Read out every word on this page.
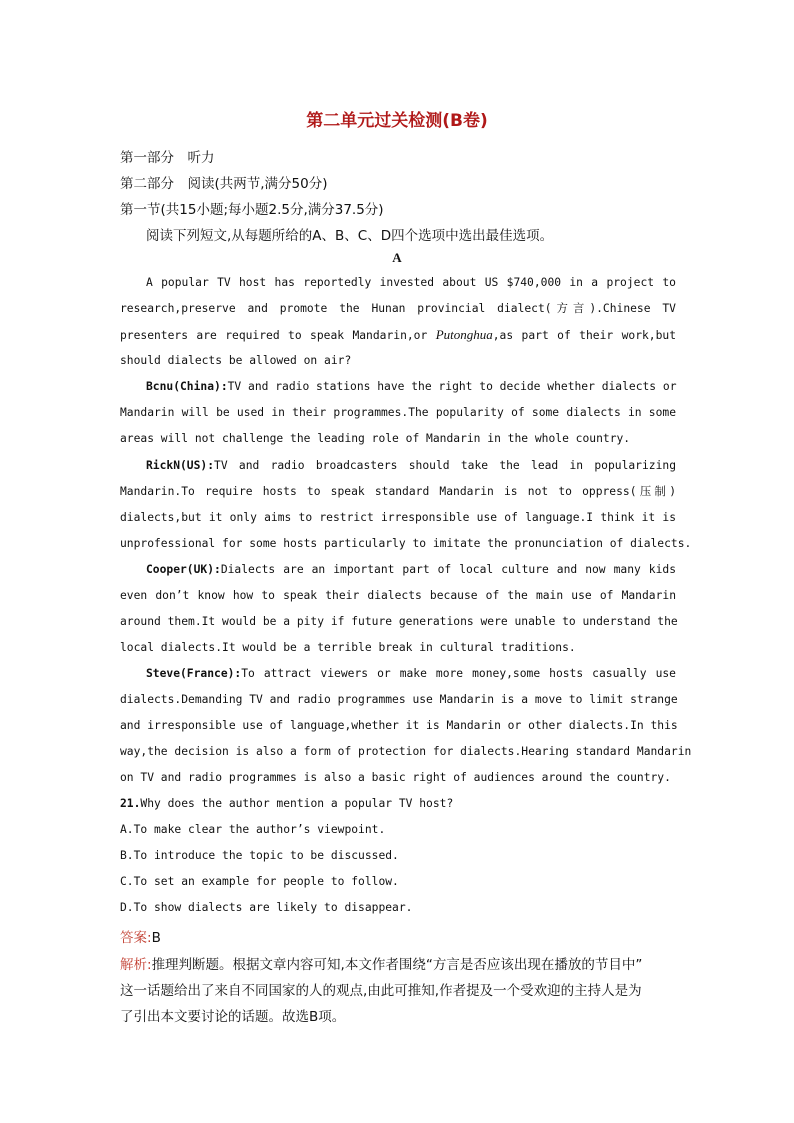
第二单元过关检测(B卷)
第一部分　听力
第二部分　阅读(共两节,满分50分)
第一节(共15小题;每小题2.5分,满分37.5分)
阅读下列短文,从每题所给的A、B、C、D四个选项中选出最佳选项。
A
A popular TV host has reportedly invested about US $740,000 in a project to
research,preserve and promote the Hunan provincial dialect(方言).Chinese TV
presenters are required to speak Mandarin,or Putonghua,as part of their work,but
should dialects be allowed on air?
Bcnu(China):TV and radio stations have the right to decide whether dialects or
Mandarin will be used in their programmes.The popularity of some dialects in some
areas will not challenge the leading role of Mandarin in the whole country.
RickN(US):TV and radio broadcasters should take the lead in popularizing
Mandarin.To require hosts to speak standard Mandarin is not to oppress(压制)
dialects,but it only aims to restrict irresponsible use of language.I think it is
unprofessional for some hosts particularly to imitate the pronunciation of dialects.
Cooper(UK):Dialects are an important part of local culture and now many kids
even don’t know how to speak their dialects because of the main use of Mandarin
around them.It would be a pity if future generations were unable to understand the
local dialects.It would be a terrible break in cultural traditions.
Steve(France):To attract viewers or make more money,some hosts casually use
dialects.Demanding TV and radio programmes use Mandarin is a move to limit strange
and irresponsible use of language,whether it is Mandarin or other dialects.In this
way,the decision is also a form of protection for dialects.Hearing standard Mandarin
on TV and radio programmes is also a basic right of audiences around the country.
21.Why does the author mention a popular TV host?
A.To make clear the author’s viewpoint.
B.To introduce the topic to be discussed.
C.To set an example for people to follow.
D.To show dialects are likely to disappear.
答案:B
解析:推理判断题。根据文章内容可知,本文作者围绕“方言是否应该出现在播放的节目中”
这一话题给出了来自不同国家的人的观点,由此可推知,作者提及一个受欢迎的主持人是为
了引出本文要讨论的话题。故选B项。
